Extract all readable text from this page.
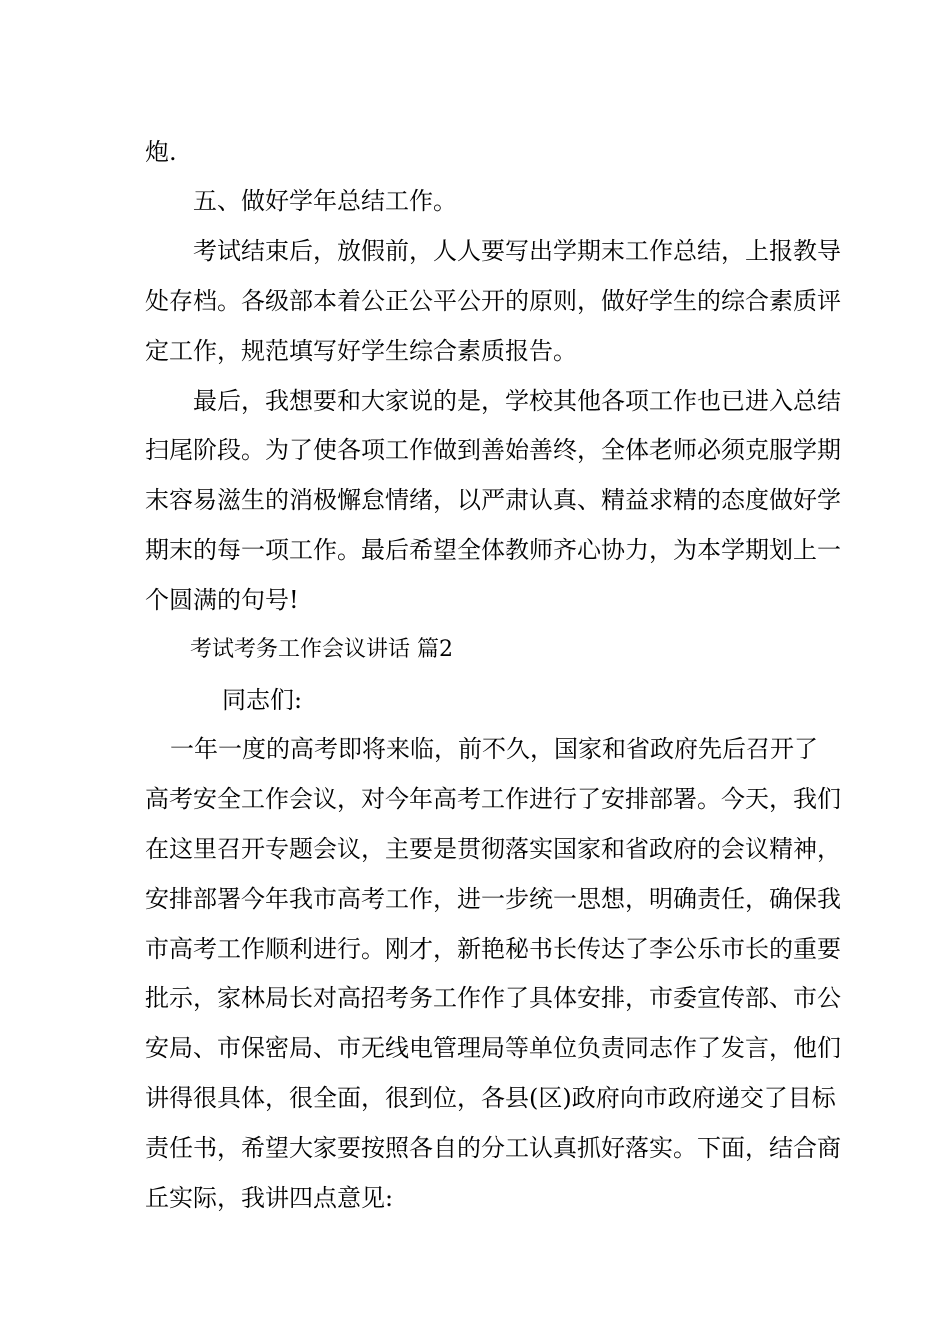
炮.
五、做好学年总结工作。
考试结束后，放假前，人人要写出学期末工作总结，上报教导
处存档。各级部本着公正公平公开的原则，做好学生的综合素质评
定工作，规范填写好学生综合素质报告。
最后，我想要和大家说的是，学校其他各项工作也已进入总结
扫尾阶段。为了使各项工作做到善始善终，全体老师必须克服学期
末容易滋生的消极懈怠情绪，以严肃认真、精益求精的态度做好学
期末的每一项工作。最后希望全体教师齐心协力，为本学期划上一
个圆满的句号!
考试考务工作会议讲话 篇2
同志们:
一年一度的高考即将来临，前不久，国家和省政府先后召开了
高考安全工作会议，对今年高考工作进行了安排部署。今天，我们
在这里召开专题会议，主要是贯彻落实国家和省政府的会议精神，
安排部署今年我市高考工作，进一步统一思想，明确责任，确保我
市高考工作顺利进行。刚才，新艳秘书长传达了李公乐市长的重要
批示，家林局长对高招考务工作作了具体安排，市委宣传部、市公
安局、市保密局、市无线电管理局等单位负责同志作了发言，他们
讲得很具体，很全面，很到位，各县(区)政府向市政府递交了目标
责任书，希望大家要按照各自的分工认真抓好落实。下面，结合商
丘实际，我讲四点意见:
